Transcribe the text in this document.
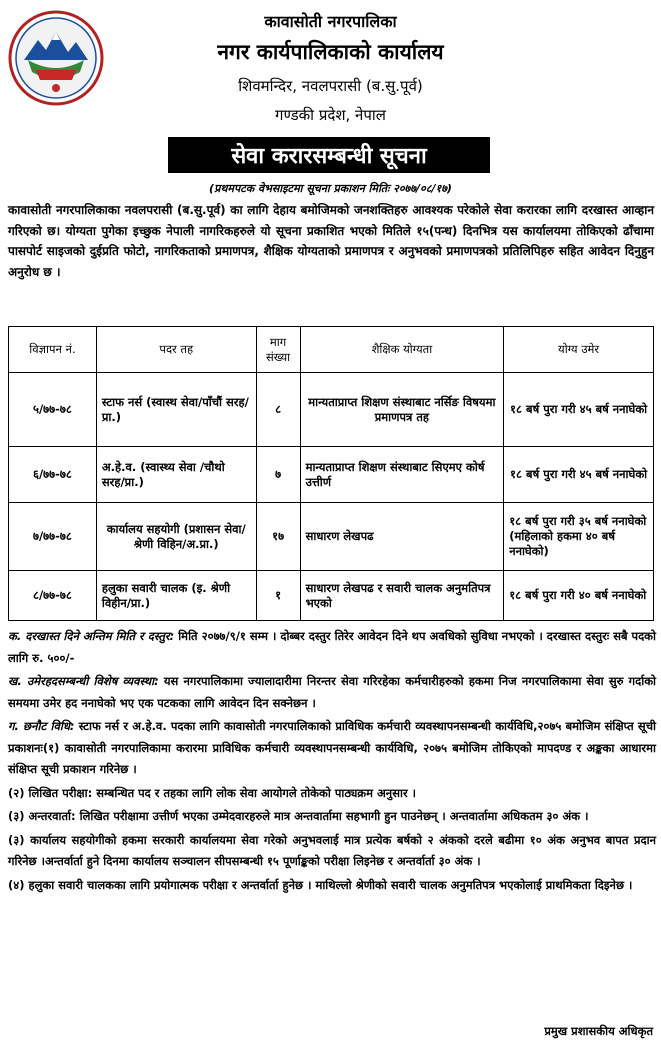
कावासोती नगरपालिका
नगर कार्यपालिकाको कार्यालय
शिवमन्दिर, नवलपरासी (ब.सु.पूर्व)
गण्डकी प्रदेश, नेपाल
सेवा करारसम्बन्धी सूचना
(प्रथमपटक वेभसाइटमा सूचना प्रकाशन मितिः २०७७/०८/१७)

कावासोती नगरपालिकाका नवलपरासी (ब.सु.पूर्व) का लागि देहाय बमोजिमको जनशक्तिहरु आवश्यक परेकोले सेवा करारका लागि दरखास्त आव्हान गरिएको छ। योग्यता पुगेका इच्छुक नेपाली नागरिकहरुले यो सूचना प्रकाशित भएको मितिले १५(पन्ध) दिनभित्र यस कार्यालयमा तोकिएको ढाँचामा पासपोर्ट साइजको दुईप्रति फोटो, नागरिकताको प्रमाणपत्र, शैक्षिक योग्यताको प्रमाणपत्र र अनुभवको प्रमाणपत्रको प्रतिलिपिहरु सहित आवेदन दिनुहुन अनुरोध छ ।

विज्ञापन नं.	पदर तह	माग संख्या	शैक्षिक योग्यता	योग्य उमेर
५/७७-७८	स्टाफ नर्स (स्वास्थ सेवा/पाँचौं सरह/प्रा.)	८	मान्यताप्राप्त शिक्षण संस्थाबाट नर्सिङ विषयमा प्रमाणपत्र तह	१८ बर्ष पुरा गरी ४५ बर्ष ननाघेको
६/७७-७८	अ.हे.व. (स्वास्थ्य सेवा /चौथो सरह/प्रा.)	७	मान्यताप्राप्त शिक्षण संस्थाबाट सिएमए कोर्ष उत्तीर्ण	१८ बर्ष पुरा गरी ४५ बर्ष ननाघेको
७/७७-७८	कार्यालय सहयोगी (प्रशासन सेवा/श्रेणी विहिन/अ.प्रा.)	१७	साधारण लेखपढ	१८ बर्ष पुरा गरी ३५ बर्ष ननाघेको (महिलाको हकमा ४० बर्ष ननाघेको)
८/७७-७८	हलुका सवारी चालक (इ. श्रेणी विहीन/प्रा.)	१	साधारण लेखपढ र सवारी चालक अनुमतिपत्र भएको	१८ बर्ष पुरा गरी ४० बर्ष ननाघेको

क. दरखास्त दिने अन्तिम मिति र दस्तुर: मिति २०७७/९/१ सम्म । दोब्बर दस्तुर तिरेर आवेदन दिने थप अवधिको सुविधा नभएको । दरखास्त दस्तुरः सबै पदको लागि रु. ५००/-

ख. उमेरहदसम्बन्धी विशेष व्यवस्था: यस नगरपालिकामा ज्यालादारीमा निरन्तर सेवा गरिरहेका कर्मचारीहरुको हकमा निज नगरपालिकामा सेवा सुरु गर्दाको समयमा उमेर हद ननाघेको भए एक पटकका लागि आवेदन दिन सक्नेछन ।

ग. छनौट विधि: स्टाफ नर्स र अ.हे.व. पदका लागि कावासोती नगरपालिकाको प्राविधिक कर्मचारी व्यवस्थापनसम्बन्धी कार्यविधि,२०७५ बमोजिम संक्षिप्त सूची प्रकाशनः(१) कावासोती नगरपालिकामा करारमा प्राविधिक कर्मचारी व्यवस्थापनसम्बन्धी कार्यविधि, २०७५ बमोजिम तोकिएको मापदण्ड र अङ्कका आधारमा संक्षिप्त सूची प्रकाशन गरिनेछ ।

(२) लिखित परीक्षा: सम्बन्धित पद र तहका लागि लोक सेवा आयोगले तोकेको पाठ्यक्रम अनुसार ।

(३) अन्तरवार्ता: लिखित परीक्षामा उत्तीर्ण भएका उम्मेदवारहरुले मात्र अन्तवार्तामा सहभागी हुन पाउनेछन् । अन्तवार्तामा अधिकतम ३० अंक ।

(३) कार्यालय सहयोगीको हकमा सरकारी कार्यालयमा सेवा गरेको अनुभवलाई मात्र प्रत्येक बर्षको २ अंकको दरले बढीमा १० अंक अनुभव बापत प्रदान गरिनेछ ।अन्तर्वार्ता हुने दिनमा कार्यालय सञ्चालन सीपसम्बन्धी १५ पूर्णाङ्कको परीक्षा लिइनेछ र अन्तर्वार्ता ३० अंक ।

(४) हलुका सवारी चालकका लागि प्रयोगात्मक परीक्षा र अन्तर्वार्ता हुनेछ । माथिल्लो श्रेणीको सवारी चालक अनुमतिपत्र भएकोलाई प्राथमिकता दिइनेछ ।

प्रमुख प्रशासकीय अधिकृत
